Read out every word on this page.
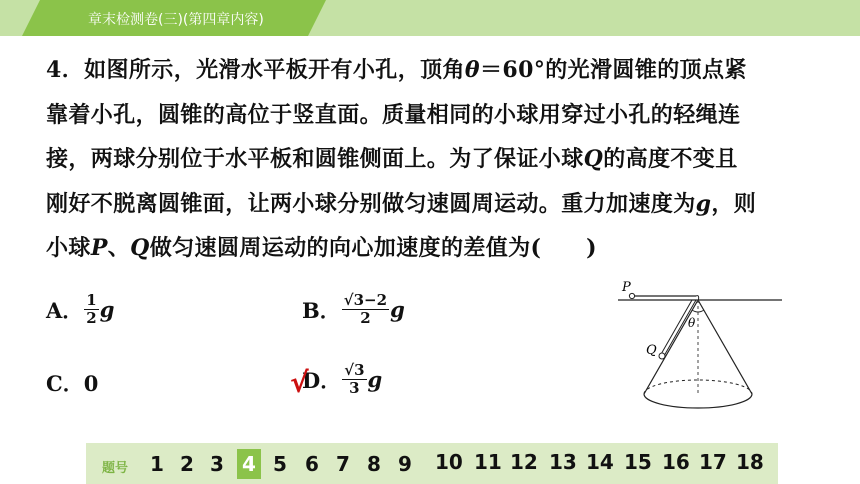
章末检测卷(三)(第四章内容)
4．如图所示，光滑水平板开有小孔，顶角θ＝60°的光滑圆锥的顶点紧
靠着小孔，圆锥的高位于竖直面。质量相同的小球用穿过小孔的轻绳连
接，两球分别位于水平板和圆锥侧面上。为了保证小球Q的高度不变且
刚好不脱离圆锥面，让两小球分别做匀速圆周运动。重力加速度为g，则
小球P、Q做匀速圆周运动的向心加速度的差值为(　　)
A． $\frac{1}{2}$ g	B． $\frac{√3-2}{2}$ g
C．0	D． $\frac{√3}{3}$ g
√
P
Q
θ
题号 1 2 3 4 5 6 7 8 9 10 11 12 13 14 15 16 17 18
